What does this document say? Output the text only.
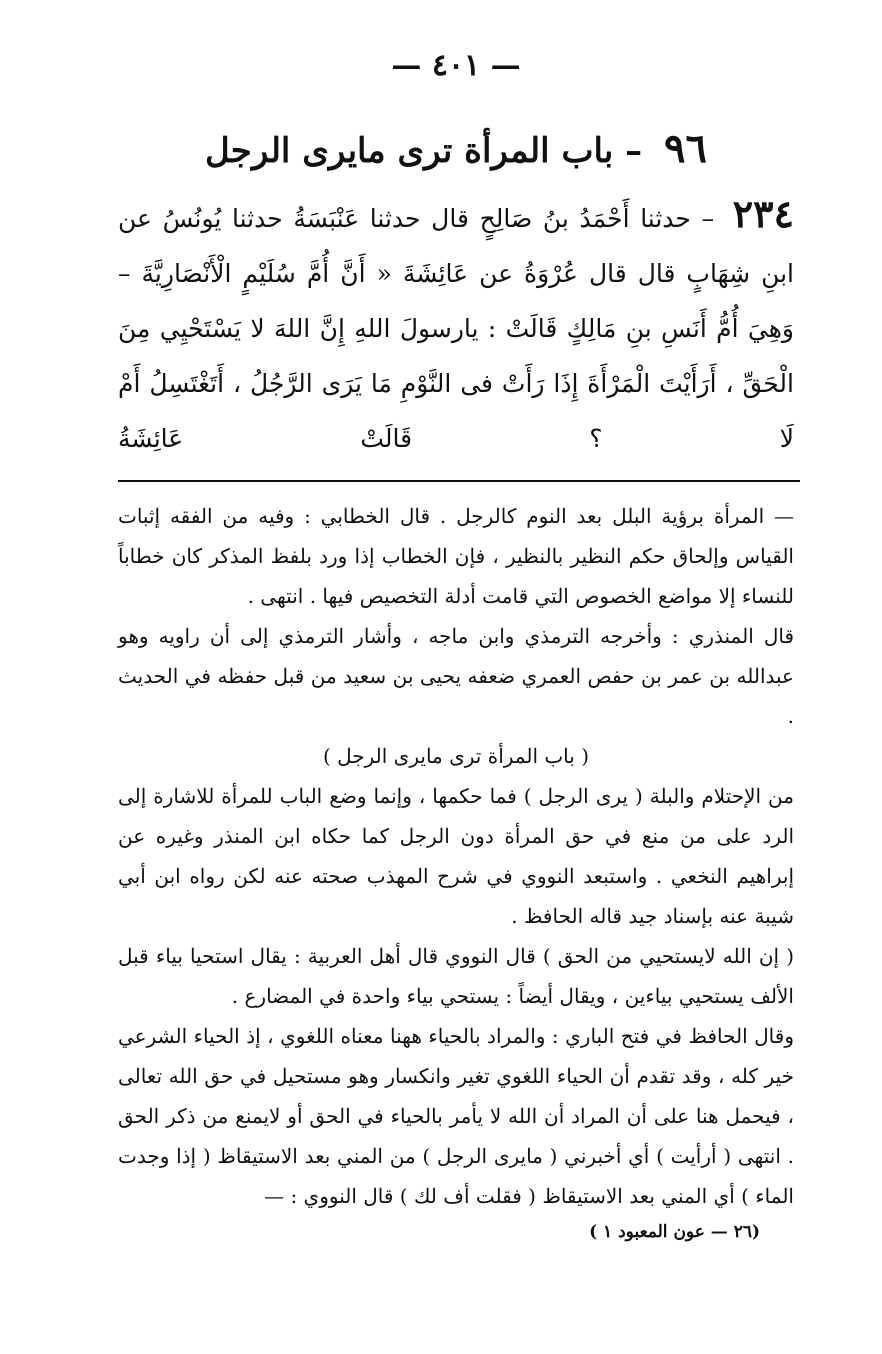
— ٤٠١ —
٩٦ – باب المرأة ترى مايرى الرجل
٢٣٤ – حدثنا أَحْمَدُ بنُ صَالِحٍ قال حدثنا عَنْبَسَةُ حدثنا يُونُسُ عن ابنِ شِهَابٍ قال قال عُرْوَةُ عن عَائِشَةَ « أَنَّ أُمَّ سُلَيْمٍ الْأَنْصَارِيَّةَ – وَهِيَ أُمُّ أَنَسِ بنِ مَالِكٍ قَالَتْ : يارسولَ اللهِ إِنَّ اللهَ لا يَسْتَحْيِي مِنَ الْحَقِّ ، أَرَأَيْتَ الْمَرْأَةَ إِذَا رَأَتْ فى النَّوْمِ مَا يَرَى الرَّجُلُ ، أَتَغْتَسِلُ أَمْ لَا ؟ قَالَتْ عَائِشَةُ

— المرأة برؤية البلل بعد النوم كالرجل . قال الخطابي : وفيه من الفقه إثبات القياس وإلحاق حكم النظير بالنظير ، فإن الخطاب إذا ورد بلفظ المذكر كان خطاباً للنساء إلا مواضع الخصوص التي قامت أدلة التخصيص فيها . انتهى .

قال المنذري : وأخرجه الترمذي وابن ماجه ، وأشار الترمذي إلى أن راويه وهو عبدالله بن عمر بن حفص العمري ضعفه يحيى بن سعيد من قبل حفظه في الحديث .

( باب المرأة ترى مايرى الرجل )

من الإحتلام والبلة ( يرى الرجل ) فما حكمها ، وإنما وضع الباب للمرأة للاشارة إلى الرد على من منع في حق المرأة دون الرجل كما حكاه ابن المنذر وغيره عن إبراهيم النخعي . واستبعد النووي في شرح المهذب صحته عنه لكن رواه ابن أبي شيبة عنه بإسناد جيد قاله الحافظ .

( إن الله لايستحيي من الحق ) قال النووي قال أهل العربية : يقال استحيا بياء قبل الألف يستحيي بياءين ، ويقال أيضاً : يستحي بياء واحدة في المضارع .

وقال الحافظ في فتح الباري : والمراد بالحياء ههنا معناه اللغوي ، إذ الحياء الشرعي خير كله ، وقد تقدم أن الحياء اللغوي تغير وانكسار وهو مستحيل في حق الله تعالى ، فيحمل هنا على أن المراد أن الله لا يأمر بالحياء في الحق أو لايمنع من ذكر الحق . انتهى ( أرأيت ) أي أخبرني ( مايرى الرجل ) من المني بعد الاستيقاظ ( إذا وجدت الماء ) أي المني بعد الاستيقاظ ( فقلت أف لك ) قال النووي : —

(٢٦ — عون المعبود ١ )
